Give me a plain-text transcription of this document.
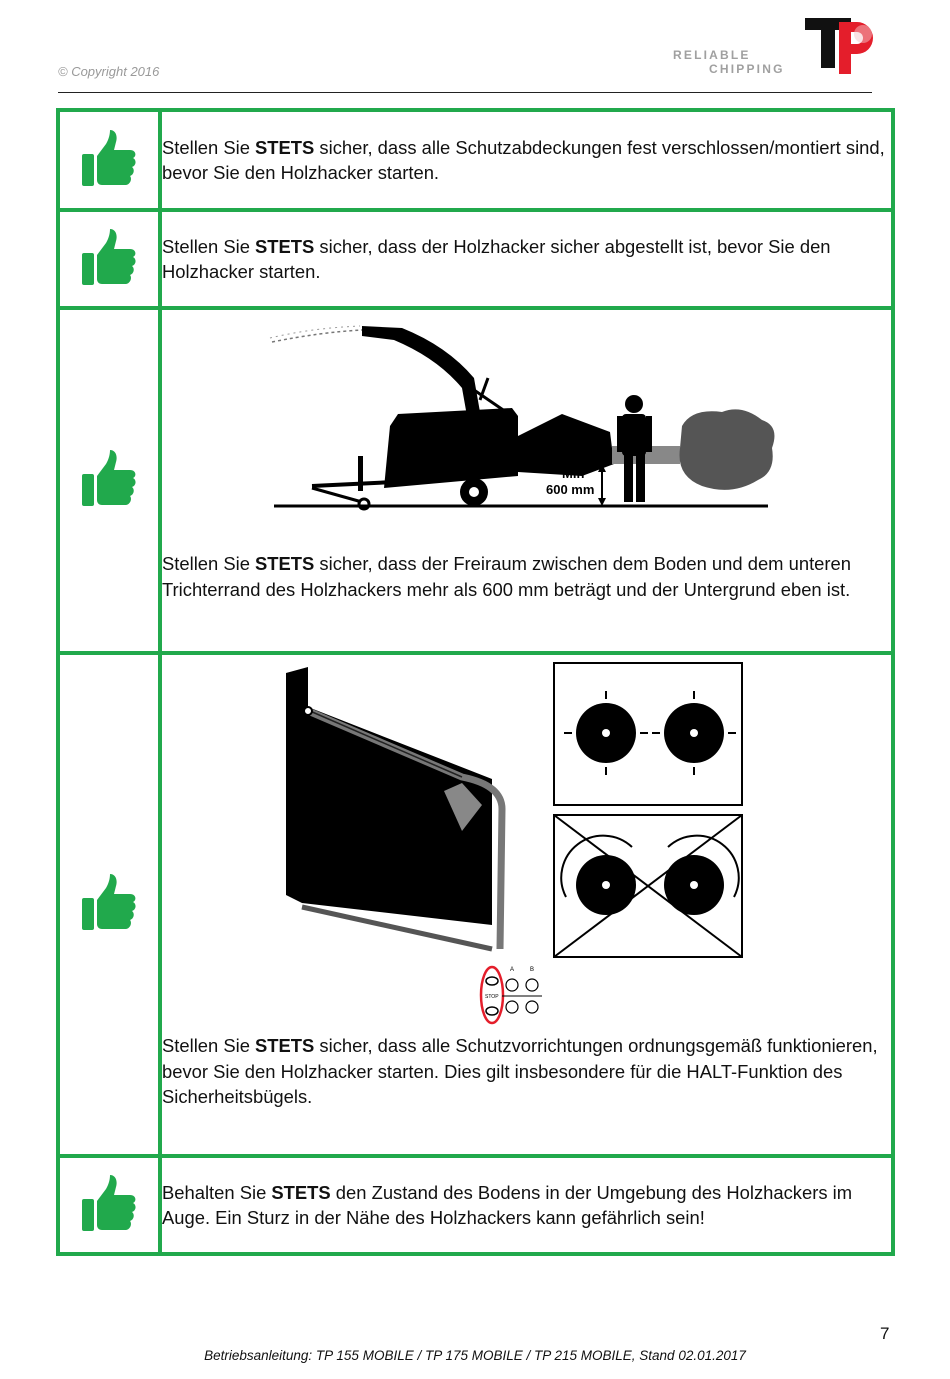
© Copyright 2016
RELIABLE
CHIPPING

Stellen Sie STETS sicher, dass alle Schutzabdeckungen fest verschlossen/montiert sind, bevor Sie den Holzhacker starten.

Stellen Sie STETS sicher, dass der Holzhacker sicher abgestellt ist, bevor Sie den Holzhacker starten.

Min
600 mm
Stellen Sie STETS sicher, dass der Freiraum zwischen dem Boden und dem unteren Trichterrand des Holzhackers mehr als 600 mm beträgt und der Untergrund eben ist.

STOP
A B
Stellen Sie STETS sicher, dass alle Schutzvorrichtungen ordnungsgemäß funktionieren, bevor Sie den Holzhacker starten. Dies gilt insbesondere für die HALT-Funktion des Sicherheitsbügels.

Behalten Sie STETS den Zustand des Bodens in der Umgebung des Holzhackers im Auge. Ein Sturz in der Nähe des Holzhackers kann gefährlich sein!
7
Betriebsanleitung: TP 155 MOBILE / TP 175 MOBILE / TP 215 MOBILE, Stand 02.01.2017
